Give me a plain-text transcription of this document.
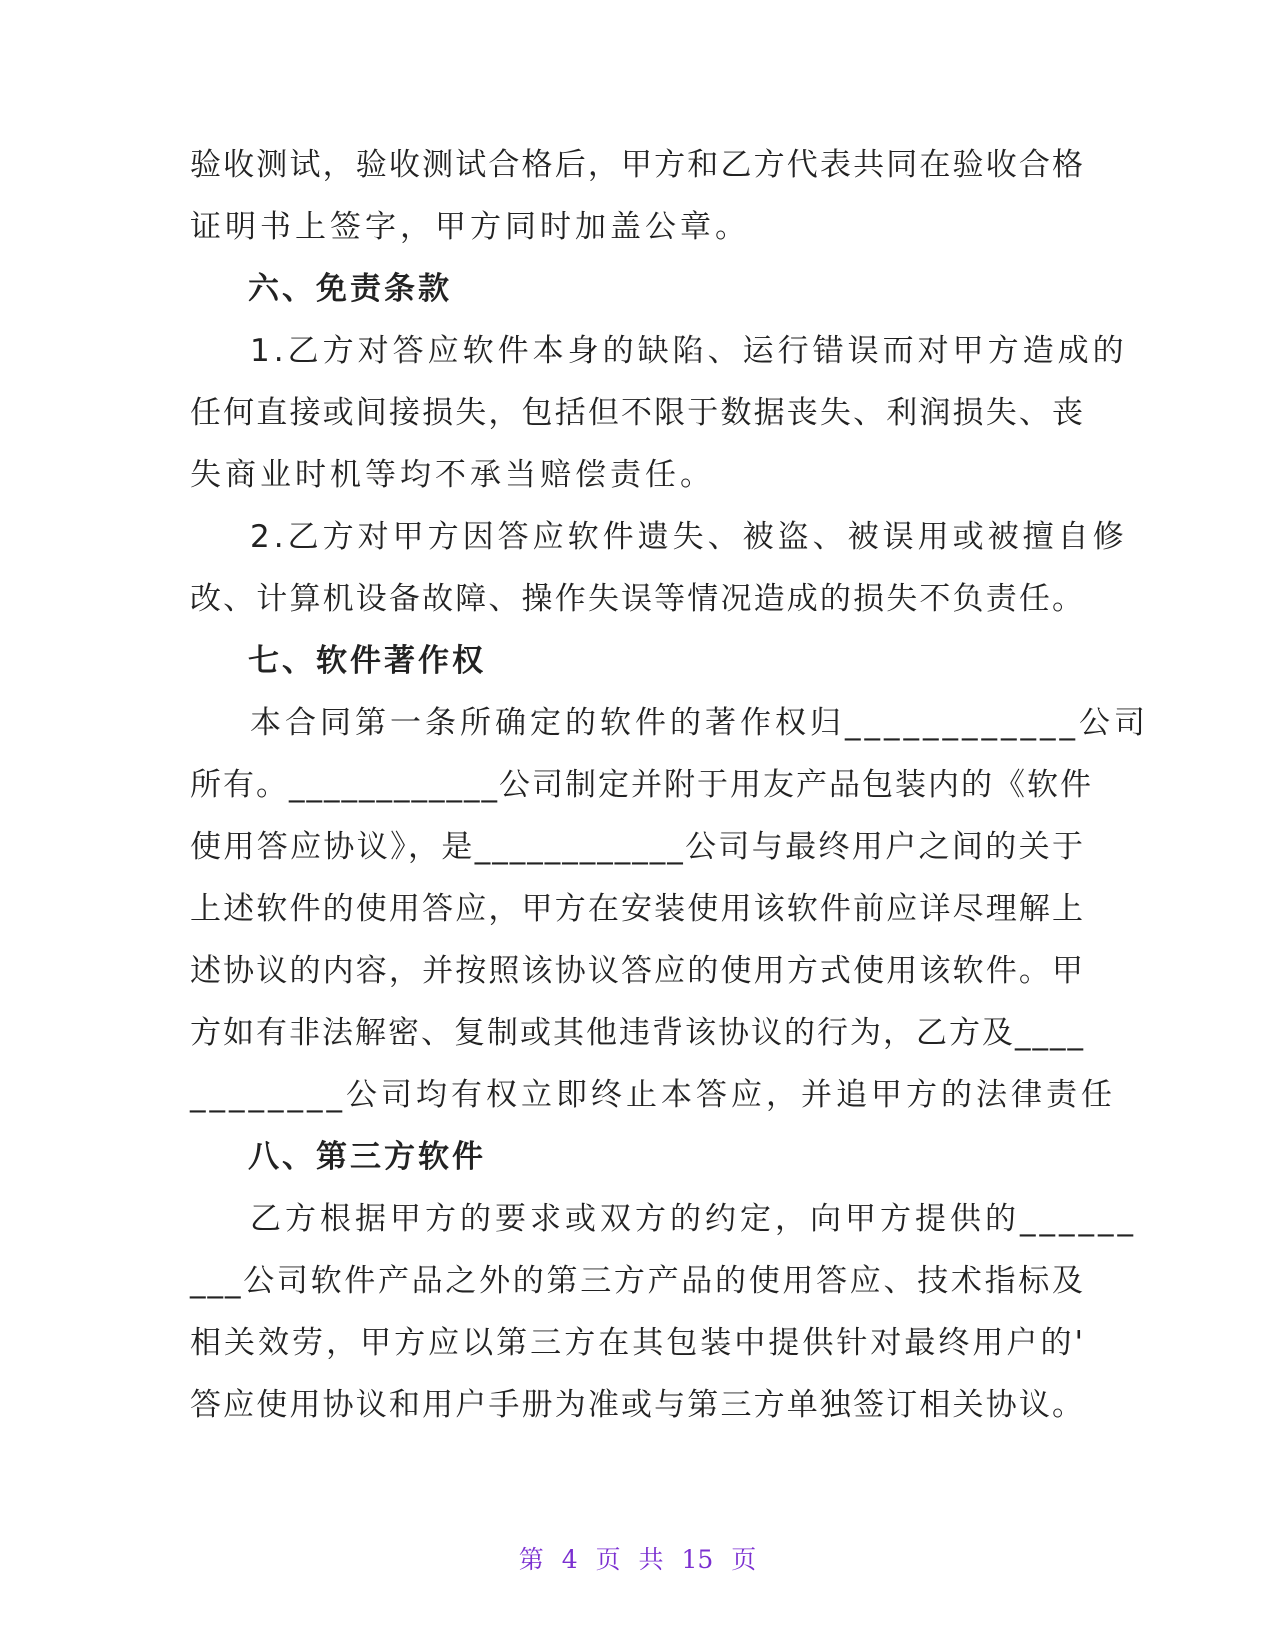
验收测试，验收测试合格后，甲方和乙方代表共同在验收合格
证明书上签字，甲方同时加盖公章。
六、免责条款
1.乙方对答应软件本身的缺陷、运行错误而对甲方造成的
任何直接或间接损失，包括但不限于数据丧失、利润损失、丧
失商业时机等均不承当赔偿责任。
2.乙方对甲方因答应软件遗失、被盗、被误用或被擅自修
改、计算机设备故障、操作失误等情况造成的损失不负责任。
七、软件著作权
本合同第一条所确定的软件的著作权归____________公司
所有。____________公司制定并附于用友产品包装内的《软件
使用答应协议》，是____________公司与最终用户之间的关于
上述软件的使用答应，甲方在安装使用该软件前应详尽理解上
述协议的内容，并按照该协议答应的使用方式使用该软件。甲
方如有非法解密、复制或其他违背该协议的行为，乙方及____
________公司均有权立即终止本答应，并追甲方的法律责任
八、第三方软件
乙方根据甲方的要求或双方的约定，向甲方提供的______
___公司软件产品之外的第三方产品的使用答应、技术指标及
相关效劳，甲方应以第三方在其包装中提供针对最终用户的'
答应使用协议和用户手册为准或与第三方单独签订相关协议。
第 4 页 共 15 页
